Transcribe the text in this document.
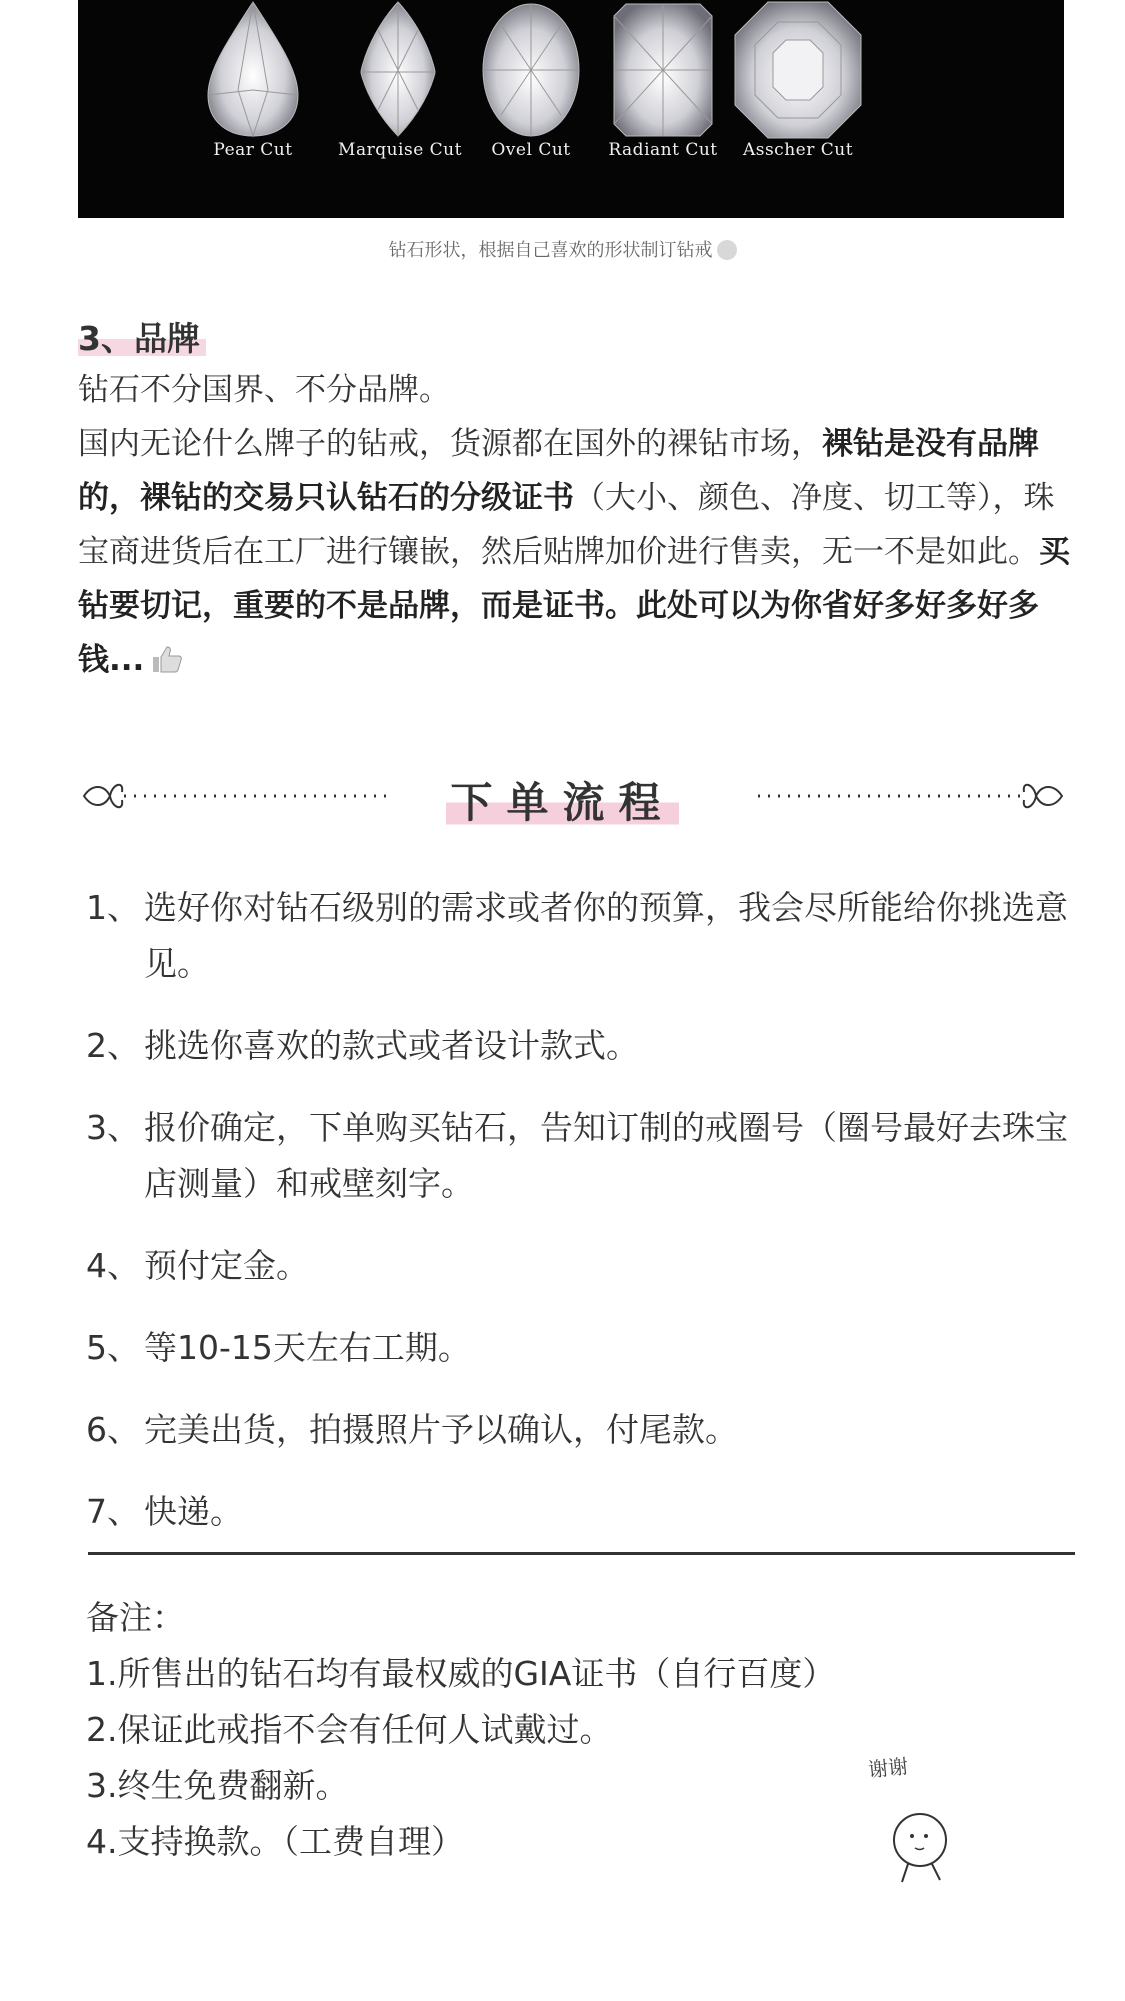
Pear Cut	Marquise Cut	Ovel Cut	Radiant Cut	Asscher Cut
钻石形状，根据自己喜欢的形状制订钻戒
3、品牌

钻石不分国界、不分品牌。

国内无论什么牌子的钻戒，货源都在国外的裸钻市场，裸钻是没有品牌的，裸钻的交易只认钻石的分级证书（大小、颜色、净度、切工等），珠宝商进货后在工厂进行镶嵌，然后贴牌加价进行售卖，无一不是如此。买钻要切记，重要的不是品牌，而是证书。此处可以为你省好多好多好多钱...

下单流程
1、 选好你对钻石级别的需求或者你的预算，我会尽所能给你挑选意见。
2、 挑选你喜欢的款式或者设计款式。
3、 报价确定，下单购买钻石，告知订制的戒圈号（圈号最好去珠宝店测量）和戒壁刻字。
4、 预付定金。
5、 等10-15天左右工期。
6、 完美出货，拍摄照片予以确认，付尾款。
7、 快递。
备注：
1.所售出的钻石均有最权威的GIA证书（自行百度）
2.保证此戒指不会有任何人试戴过。
3.终生免费翻新。
4.支持换款。（工费自理）
谢谢
